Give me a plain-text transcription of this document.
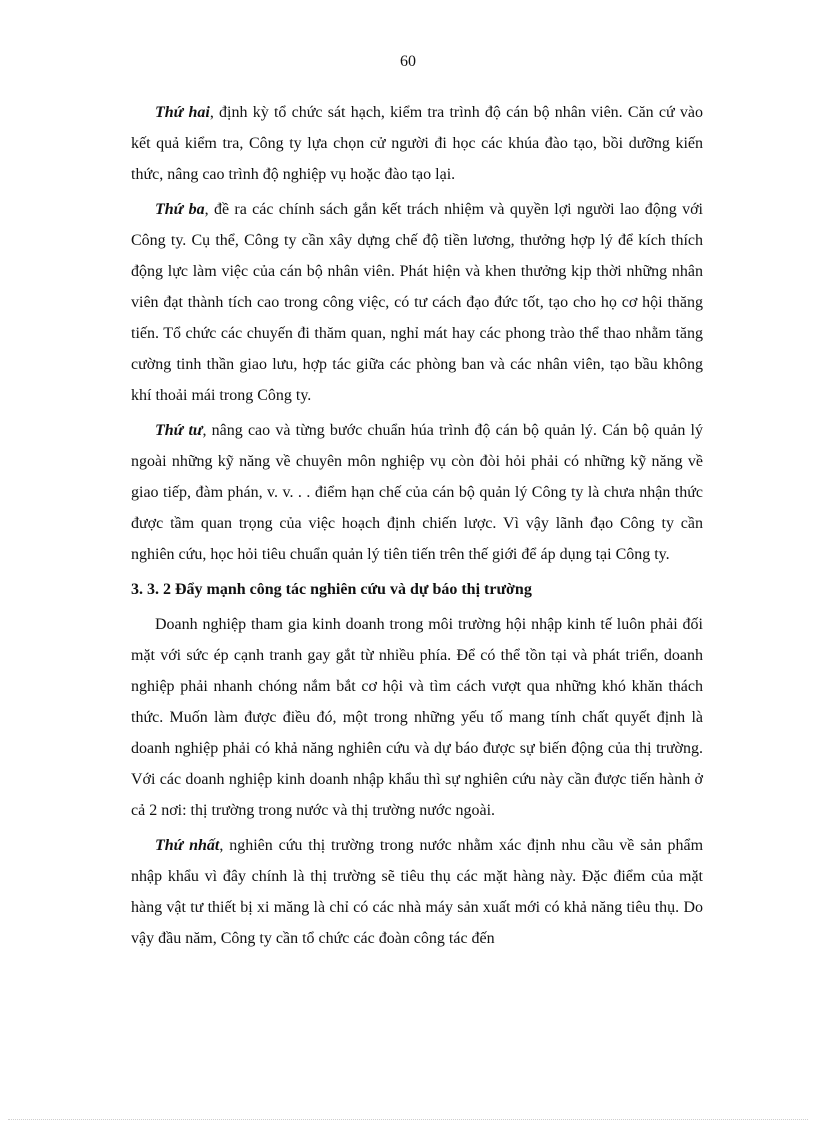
60

Thứ hai, định kỳ tổ chức sát hạch, kiểm tra trình độ cán bộ nhân viên. Căn cứ vào kết quả kiểm tra, Công ty lựa chọn cử người đi học các khúa đào tạo, bồi dưỡng kiến thức, nâng cao trình độ nghiệp vụ hoặc đào tạo lại.

Thứ ba, đề ra các chính sách gắn kết trách nhiệm và quyền lợi người lao động với Công ty. Cụ thể, Công ty cần xây dựng chế độ tiền lương, thưởng hợp lý để kích thích động lực làm việc của cán bộ nhân viên. Phát hiện và khen thưởng kịp thời những nhân viên đạt thành tích cao trong công việc, có tư cách đạo đức tốt, tạo cho họ cơ hội thăng tiến. Tổ chức các chuyến đi thăm quan, nghỉ mát hay các phong trào thể thao nhằm tăng cường tinh thần giao lưu, hợp tác giữa các phòng ban và các nhân viên, tạo bầu không khí thoải mái trong Công ty.

Thứ tư, nâng cao và từng bước chuẩn húa trình độ cán bộ quản lý. Cán bộ quản lý ngoài những kỹ năng về chuyên môn nghiệp vụ còn đòi hỏi phải có những kỹ năng về giao tiếp, đàm phán, v. v. . . điểm hạn chế của cán bộ quản lý Công ty là chưa nhận thức được tầm quan trọng của việc hoạch định chiến lược. Vì vậy lãnh đạo Công ty cần nghiên cứu, học hỏi tiêu chuẩn quản lý tiên tiến trên thế giới để áp dụng tại Công ty.

3. 3. 2 Đẩy mạnh công tác nghiên cứu và dự báo thị trường

Doanh nghiệp tham gia kinh doanh trong môi trường hội nhập kinh tế luôn phải đối mặt với sức ép cạnh tranh gay gắt từ nhiều phía. Để có thể tồn tại và phát triển, doanh nghiệp phải nhanh chóng nắm bắt cơ hội và tìm cách vượt qua những khó khăn thách thức. Muốn làm được điều đó, một trong những yếu tố mang tính chất quyết định là doanh nghiệp phải có khả năng nghiên cứu và dự báo được sự biến động của thị trường. Với các doanh nghiệp kinh doanh nhập khẩu thì sự nghiên cứu này cần được tiến hành ở cả 2 nơi: thị trường trong nước và thị trường nước ngoài.

Thứ nhất, nghiên cứu thị trường trong nước nhằm xác định nhu cầu về sản phẩm nhập khẩu vì đây chính là thị trường sẽ tiêu thụ các mặt hàng này. Đặc điểm của mặt hàng vật tư thiết bị xi măng là chỉ có các nhà máy sản xuất mới có khả năng tiêu thụ. Do vậy đầu năm, Công ty cần tổ chức các đoàn công tác đến
